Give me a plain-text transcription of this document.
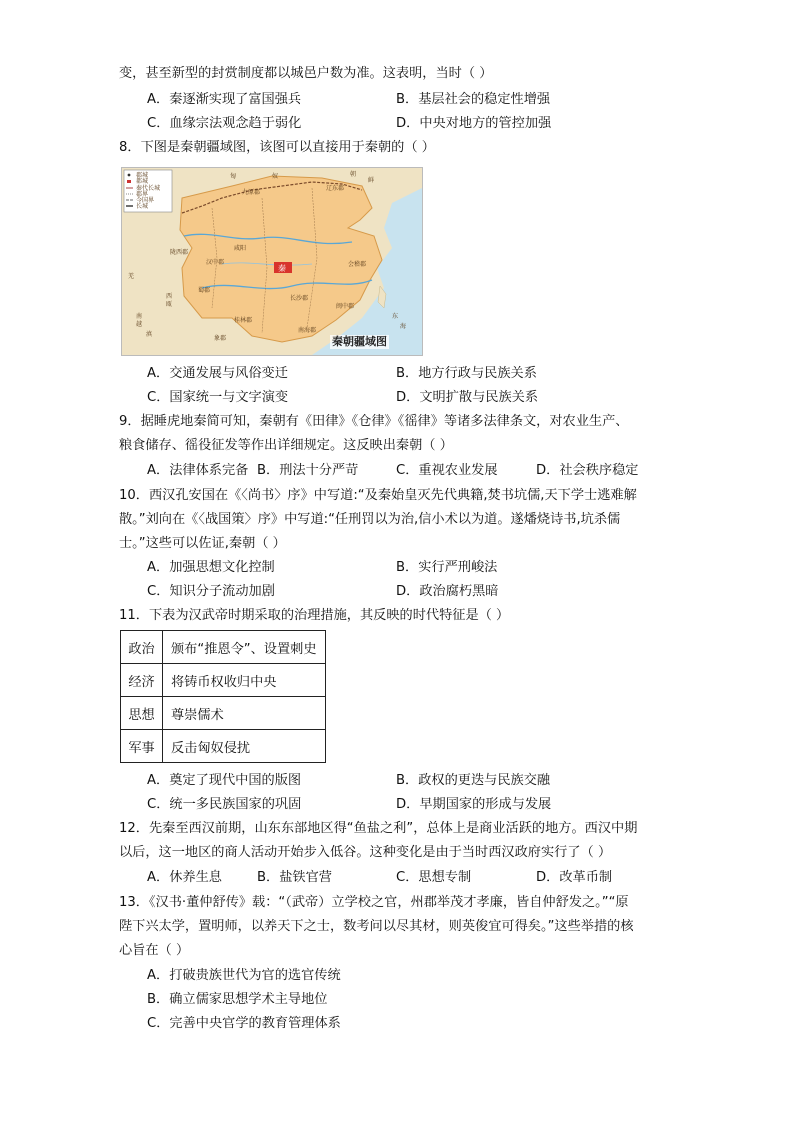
变，甚至新型的封赏制度都以城邑户数为准。这表明，当时（ ）
A．秦逐渐实现了富国强兵	B．基层社会的稳定性增强
C．血缘宗法观念趋于弱化	D．中央对地方的管控加强
8．下图是秦朝疆域图，该图可以直接用于秦朝的（ ）
郡城
都城
秦代长城
郡界
今国界
长城
秦
匈	奴
九原郡
朝
鲜
辽东郡
陇西郡
咸阳
汉中郡
蜀郡
长沙郡
会稽郡
闽中郡
南海郡
桂林郡
象郡
西
瓯
南
越
羌
滇
东
海
秦朝疆域图
A．交通发展与风俗变迁	B．地方行政与民族关系
C．国家统一与文字演变	D．文明扩散与民族关系
9．据睡虎地秦简可知，秦朝有《田律》《仓律》《徭律》等诸多法律条文，对农业生产、
粮食储存、徭役征发等作出详细规定。这反映出秦朝（ ）
A．法律体系完备 B．刑法十分严苛	C．重视农业发展	D．社会秩序稳定
10．西汉孔安国在《〈尚书〉序》中写道:“及秦始皇灭先代典籍,焚书坑儒,天下学士逃难解
散。”刘向在《〈战国策〉序》中写道:“任刑罚以为治,信小术以为道。遂燔烧诗书,坑杀儒
士。”这些可以佐证,秦朝（ ）
A．加强思想文化控制	B．实行严刑峻法
C．知识分子流动加剧	D．政治腐朽黑暗
11．下表为汉武帝时期采取的治理措施，其反映的时代特征是（ ）
政治	颁布“推恩令”、设置刺史
经济	将铸币权收归中央
思想	尊崇儒术
军事	反击匈奴侵扰
A．奠定了现代中国的版图	B．政权的更迭与民族交融
C．统一多民族国家的巩固	D．早期国家的形成与发展
12．先秦至西汉前期，山东东部地区得“鱼盐之利”，总体上是商业活跃的地方。西汉中期
以后，这一地区的商人活动开始步入低谷。这种变化是由于当时西汉政府实行了（ ）
A．休养生息	B．盐铁官营	C．思想专制	D．改革币制
13．《汉书·董仲舒传》载：“（武帝）立学校之官，州郡举茂才孝廉，皆自仲舒发之。”“原
陛下兴太学，置明师，以养天下之士，数考问以尽其材，则英俊宜可得矣。”这些举措的核
心旨在（ ）
A．打破贵族世代为官的选官传统
B．确立儒家思想学术主导地位
C．完善中央官学的教育管理体系
